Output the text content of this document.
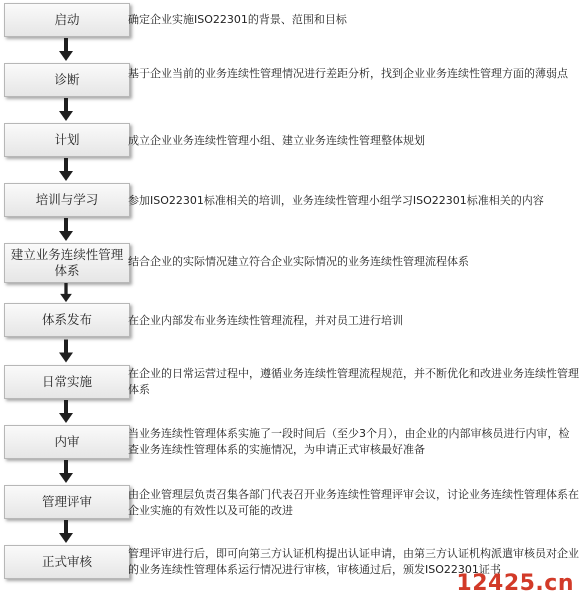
启动
诊断
计划
培训与学习
建立业务连续性管理体系
体系发布
日常实施
内审
管理评审
正式审核
确定企业实施ISO22301的背景、范围和目标
基于企业当前的业务连续性管理情况进行差距分析，找到企业业务连续性管理方面的薄弱点
成立企业业务连续性管理小组、建立业务连续性管理整体规划
参加ISO22301标准相关的培训，业务连续性管理小组学习ISO22301标准相关的内容
结合企业的实际情况建立符合企业实际情况的业务连续性管理流程体系
在企业内部发布业务连续性管理流程，并对员工进行培训
在企业的日常运营过程中，遵循业务连续性管理流程规范，并不断优化和改进业务连续性管理体系
当业务连续性管理体系实施了一段时间后（至少3个月），由企业的内部审核员进行内审，检查业务连续性管理体系的实施情况，为申请正式审核最好准备
由企业管理层负责召集各部门代表召开业务连续性管理评审会议，讨论业务连续性管理体系在企业实施的有效性以及可能的改进
管理评审进行后，即可向第三方认证机构提出认证申请，由第三方认证机构派遣审核员对企业的业务连续性管理体系运行情况进行审核，审核通过后，颁发ISO22301证书
12425.cn
